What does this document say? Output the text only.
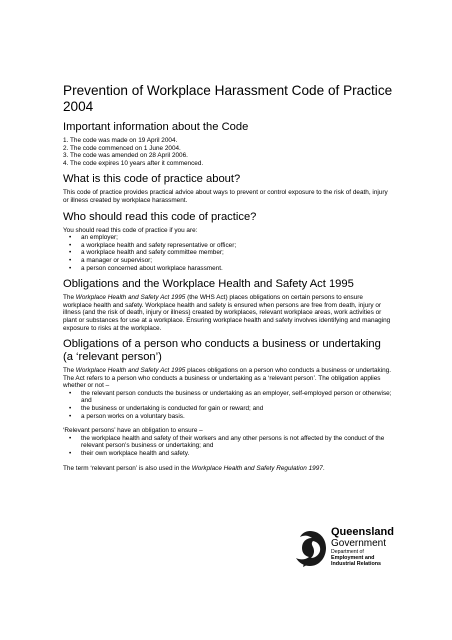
Prevention of Workplace Harassment Code of Practice 2004
Important information about the Code
1. The code was made on 19 April 2004.
2. The code commenced on 1 June 2004.
3. The code was amended on 28 April 2006.
4. The code expires 10 years after it commenced.
What is this code of practice about?

This code of practice provides practical advice about ways to prevent or control exposure to the risk of death, injury or illness created by workplace harassment.

Who should read this code of practice?
You should read this code of practice if you are:
• an employer;
• a workplace health and safety representative or officer;
• a workplace health and safety committee member;
• a manager or supervisor;
• a person concerned about workplace harassment.
Obligations and the Workplace Health and Safety Act 1995

The Workplace Health and Safety Act 1995 (the WHS Act) places obligations on certain persons to ensure workplace health and safety. Workplace health and safety is ensured when persons are free from death, injury or illness (and the risk of death, injury or illness) created by workplaces, relevant workplace areas, work activities or plant or substances for use at a workplace. Ensuring workplace health and safety involves identifying and managing exposure to risks at the workplace.

Obligations of a person who conducts a business or undertaking (a ‘relevant person’)
The Workplace Health and Safety Act 1995 places obligations on a person who conducts a business or undertaking. The Act refers to a person who conducts a business or undertaking as a ‘relevant person’. The obligation applies whether or not –
• the relevant person conducts the business or undertaking as an employer, self-employed person or otherwise; and
• the business or undertaking is conducted for gain or reward; and
• a person works on a voluntary basis.
‘Relevant persons’ have an obligation to ensure –
• the workplace health and safety of their workers and any other persons is not affected by the conduct of the relevant person’s business or undertaking; and
• their own workplace health and safety.

The term ‘relevant person’ is also used in the Workplace Health and Safety Regulation 1997.

Queensland
Government
Department of
Employment and
Industrial Relations
